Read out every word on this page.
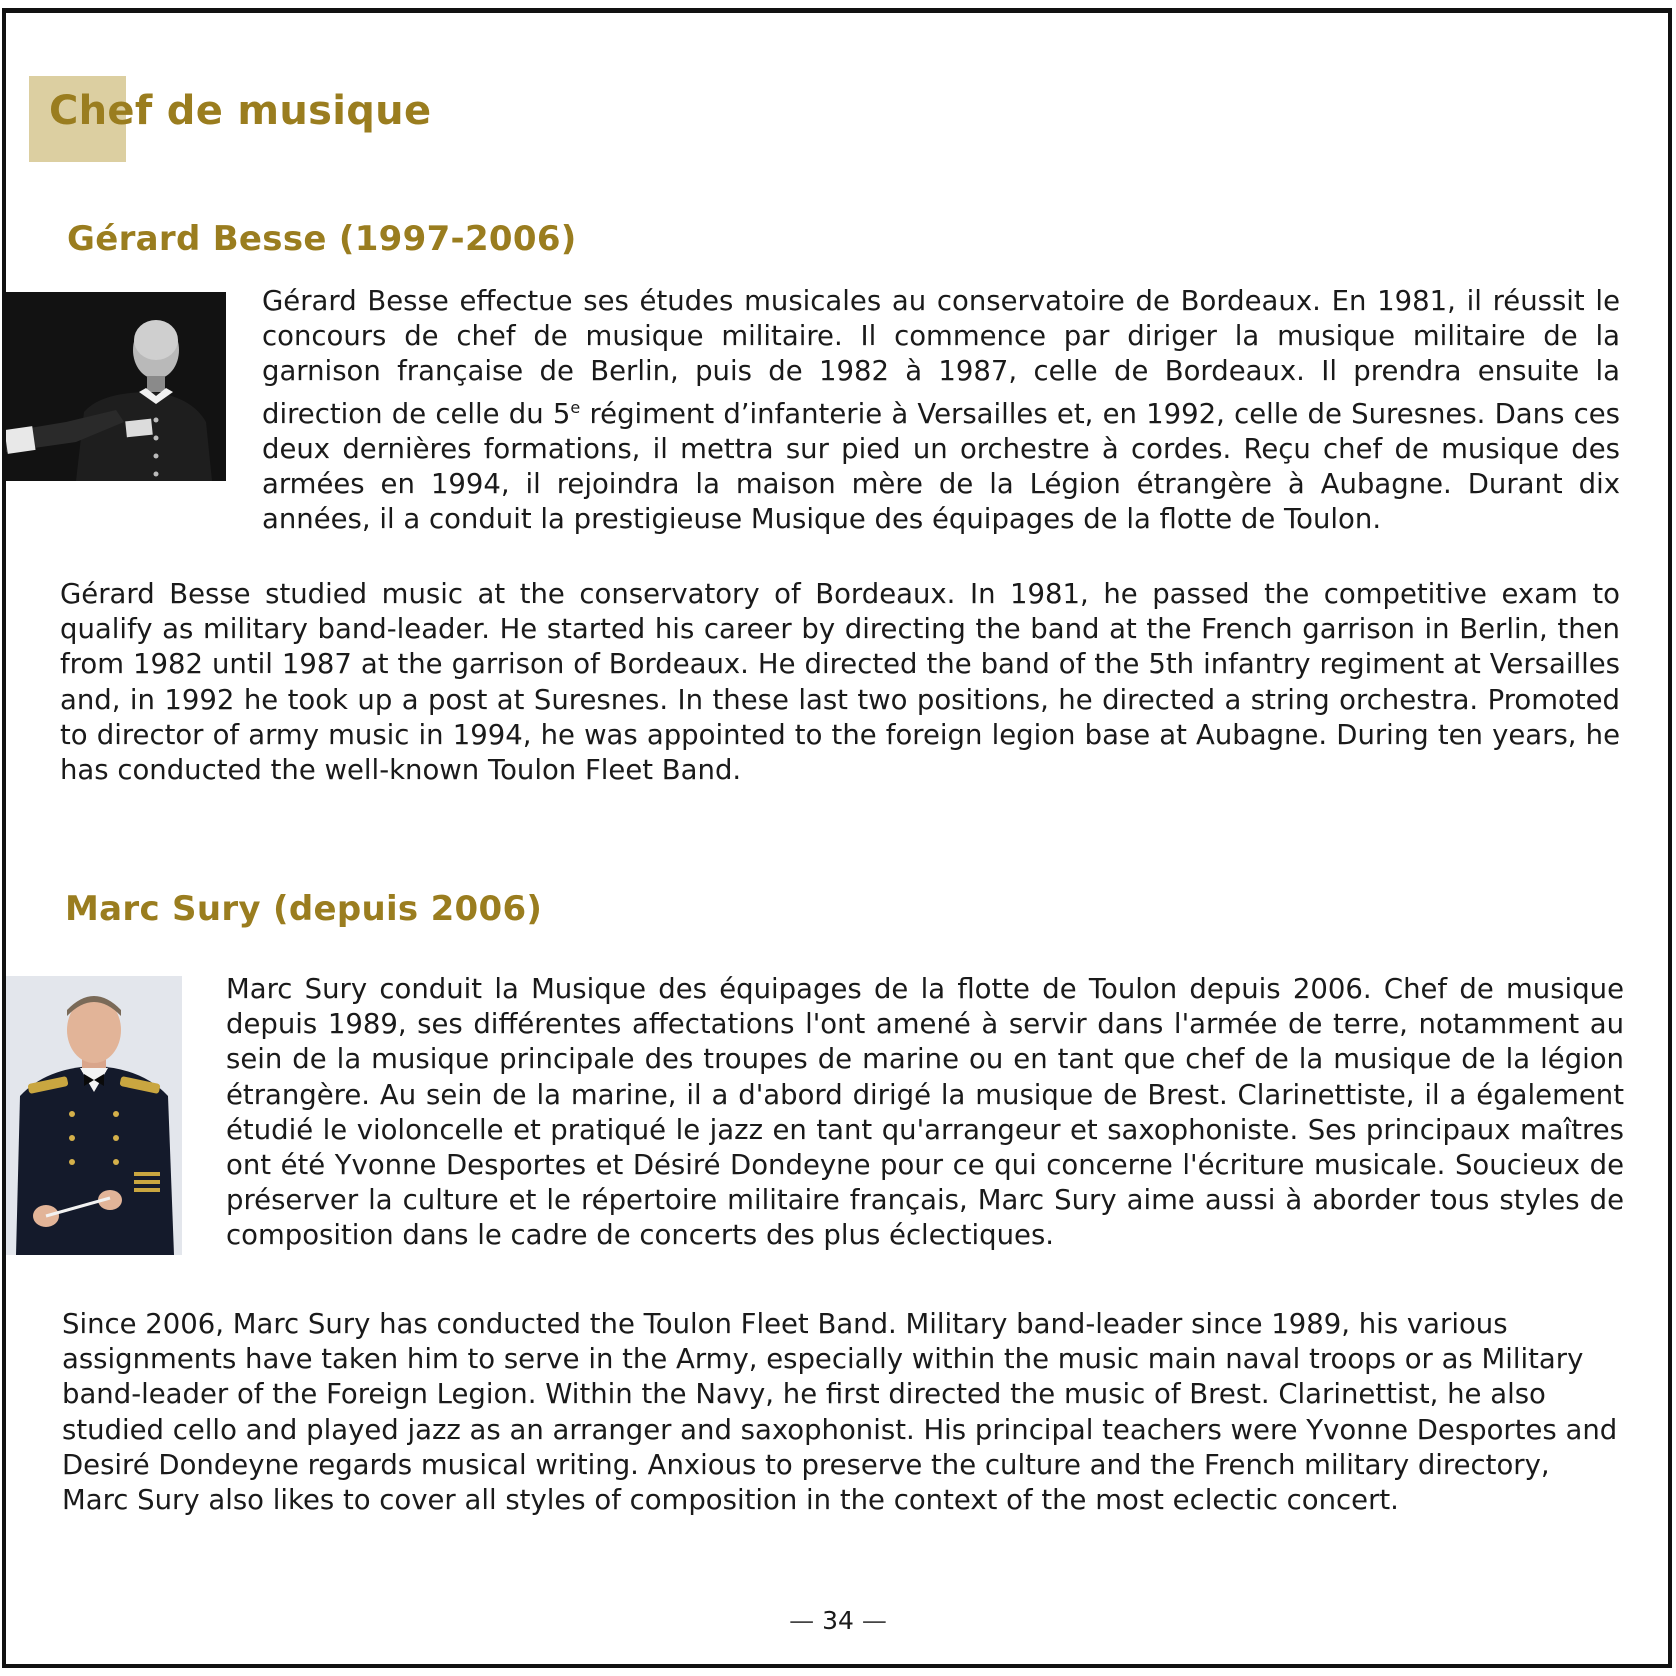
Chef de musique
Gérard Besse (1997-2006)

Gérard Besse effectue ses études musicales au conservatoire de Bordeaux. En 1981, il réussit le concours de chef de musique militaire. Il commence par diriger la musique militaire de la garnison française de Berlin, puis de 1982 à 1987, celle de Bordeaux. Il prendra ensuite la direction de celle du 5e régiment d’infanterie à Versailles et, en 1992, celle de Suresnes. Dans ces deux dernières formations, il mettra sur pied un orchestre à cordes. Reçu chef de musique des armées en 1994, il rejoindra la maison mère de la Légion étrangère à Aubagne. Durant dix années, il a conduit la prestigieuse Musique des équipages de la flotte de Toulon.

Gérard Besse studied music at the conservatory of Bordeaux. In 1981, he passed the competitive exam to qualify as military band-leader. He started his career by directing the band at the French garrison in Berlin, then from 1982 until 1987 at the garrison of Bordeaux. He directed the band of the 5th infantry regiment at Versailles and, in 1992 he took up a post at Suresnes. In these last two positions, he directed a string orchestra. Promoted to director of army music in 1994, he was appointed to the foreign legion base at Aubagne. During ten years, he has conducted the well-known Toulon Fleet Band.

Marc Sury (depuis 2006)

Marc Sury conduit la Musique des équipages de la flotte de Toulon depuis 2006. Chef de musique depuis 1989, ses différentes affectations l'ont amené à servir dans l'armée de terre, notamment au sein de la musique principale des troupes de marine ou en tant que chef de la musique de la légion étrangère. Au sein de la marine, il a d'abord dirigé la musique de Brest. Clarinettiste, il a également étudié le violoncelle et pratiqué le jazz en tant qu'arrangeur et saxophoniste. Ses principaux maîtres ont été Yvonne Desportes et Désiré Dondeyne pour ce qui concerne l'écriture musicale. Soucieux de préserver la culture et le répertoire militaire français, Marc Sury aime aussi à aborder tous styles de composition dans le cadre de concerts des plus éclectiques.

Since 2006, Marc Sury has conducted the Toulon Fleet Band. Military band-leader since 1989, his various assignments have taken him to serve in the Army, especially within the music main naval troops or as Military band-leader of the Foreign Legion. Within the Navy, he first directed the music of Brest. Clarinettist, he also studied cello and played jazz as an arranger and saxophonist. His principal teachers were Yvonne Desportes and Desiré Dondeyne regards musical writing. Anxious to preserve the culture and the French military directory, Marc Sury also likes to cover all styles of composition in the context of the most eclectic concert.

— 34 —
